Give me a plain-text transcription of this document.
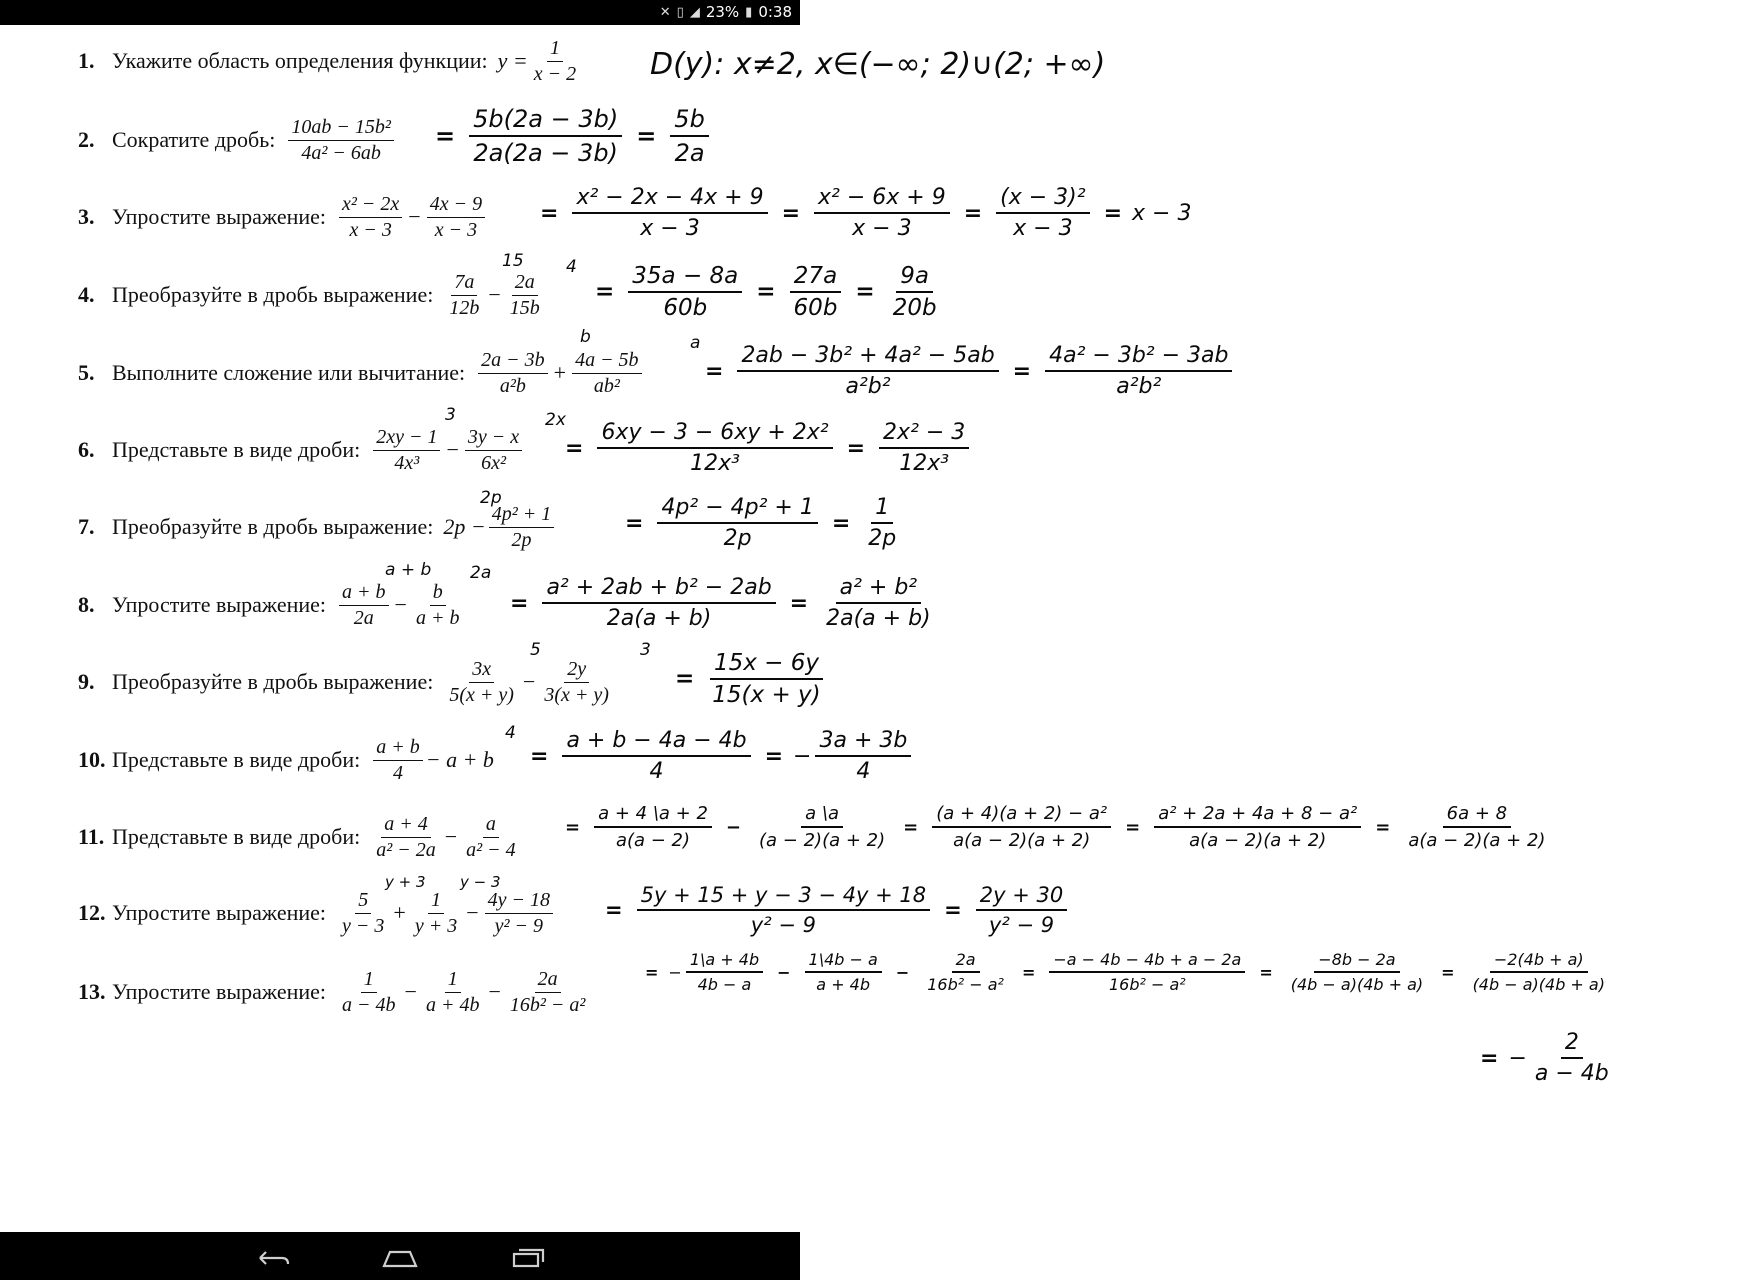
✕ ▯ ◢ 23% ▮ 0:38
1. Укажите область определения функции: $y = \frac{1}{x - 2} D(y)$: x≠2, x∈(−∞; 2)∪(2; +∞)
2. Сократите дробь: $\frac{\text{10ab − 15b²}}{\text{4a² − 6ab}} = \frac{5b(2a - 3b)}{2a(2a - 3b)} = \frac{5b}{2a}$
3. Упростите выражение: $\frac{\text{x² − 2x}}{x - 3} - \frac{4x - 9}{x - 3} = \frac{\text{x² − 2x − 4x + 9}}{x - 3} = \frac{\text{x² − 6x + 9}}{x - 3} = \frac{\text{(x − 3)²}}{x - 3} = x - 3$
4. Преобразуйте в дробь выражение: $\frac{7a}{12b} - \frac{2a}{15b}$
15 4
= $\frac{35a - 8a}{60b} = \frac{27a}{60b} = \frac{9a}{20b}$
5. Выполните сложение или вычитание: $\frac{2a - 3b}{\text{a²b}} + \frac{4a - 5b}{\text{ab²}}$
b	a
= $\frac{\text{2ab − 3b² + 4a² − 5ab}}{\text{a²b²}} = \frac{\text{4a² − 3b² − 3ab}}{\text{a²b²}}$
6. Представьте в виде дроби: $\frac{2xy - 1}{\text{4x³}} - \frac{3y - x}{\text{6x²}}$
3	2x
= $\frac{\text{6xy − 3 − 6xy + 2x²}}{\text{12x³}} = \frac{\text{2x² − 3}}{\text{12x³}}$
7. Преобразуйте в дробь выражение: $2p - \frac{\text{4p² + 1}}{2p}$
2p
= $\frac{\text{4p² − 4p² + 1}}{2p} = \frac{1}{2p}$
8. Упростите выражение: $\frac{a + b}{2a} - \frac{b}{a + b}$
a + b 2a
= $\frac{\text{a² + 2ab + b² − 2ab}}{2a(a + b)} = \frac{\text{a² + b²}}{2a(a + b)}$
9. Преобразуйте в дробь выражение: $\frac{3x}{5(x + y)} - \frac{2y}{3(x + y)}$
5	3
= $\frac{15x - 6y}{15(x + y)}$
10. Представьте в виде дроби: $\frac{a + b}{4} - a + b$
4
= $\frac{a + b - 4a - 4b}{4}$ = − $\frac{3a + 3b}{4}$
11. Представьте в виде дроби: $\frac{a + 4}{\text{a² − 2a}} - \frac{a}{\text{a² − 4}}$	= $\frac{a + 4 \backslash a + 2}{a(a - 2)} - \frac{a \backslash a}{(a - 2)(a + 2)} = \frac{\text{(a + 4)(a + 2) − a²}}{a(a - 2)(a + 2)} = \frac{\text{a² + 2a + 4a + 8 − a²}}{a(a - 2)(a + 2)} = \frac{6a + 8}{a(a - 2)(a + 2)}$
12. Упростите выражение: $\frac{5}{y - 3} + \frac{1}{y + 3} - \frac{4y - 18}{\text{y² − 9}}$
y + 3 y − 3
= $\frac{5y + 15 + y - 3 - 4y + 18}{\text{y² − 9}} = \frac{2y + 30}{\text{y² − 9}}$
13. Упростите выражение: $\frac{1}{a - 4b} - \frac{1}{a + 4b} - \frac{2a}{\text{16b² − a²}}$	= − $\frac{1\backslash a + 4b}{4b - a} - \frac{1\backslash 4b - a}{a + 4b} - \frac{2a}{\text{16b² − a²}} = \frac{-a - 4b - 4b + a - 2a}{\text{16b² − a²}} = \frac{-8b - 2a}{(4b - a)(4b + a)} = \frac{-2(4b + a)}{(4b - a)(4b + a)}$
= − $\frac{2}{a - 4b}$
